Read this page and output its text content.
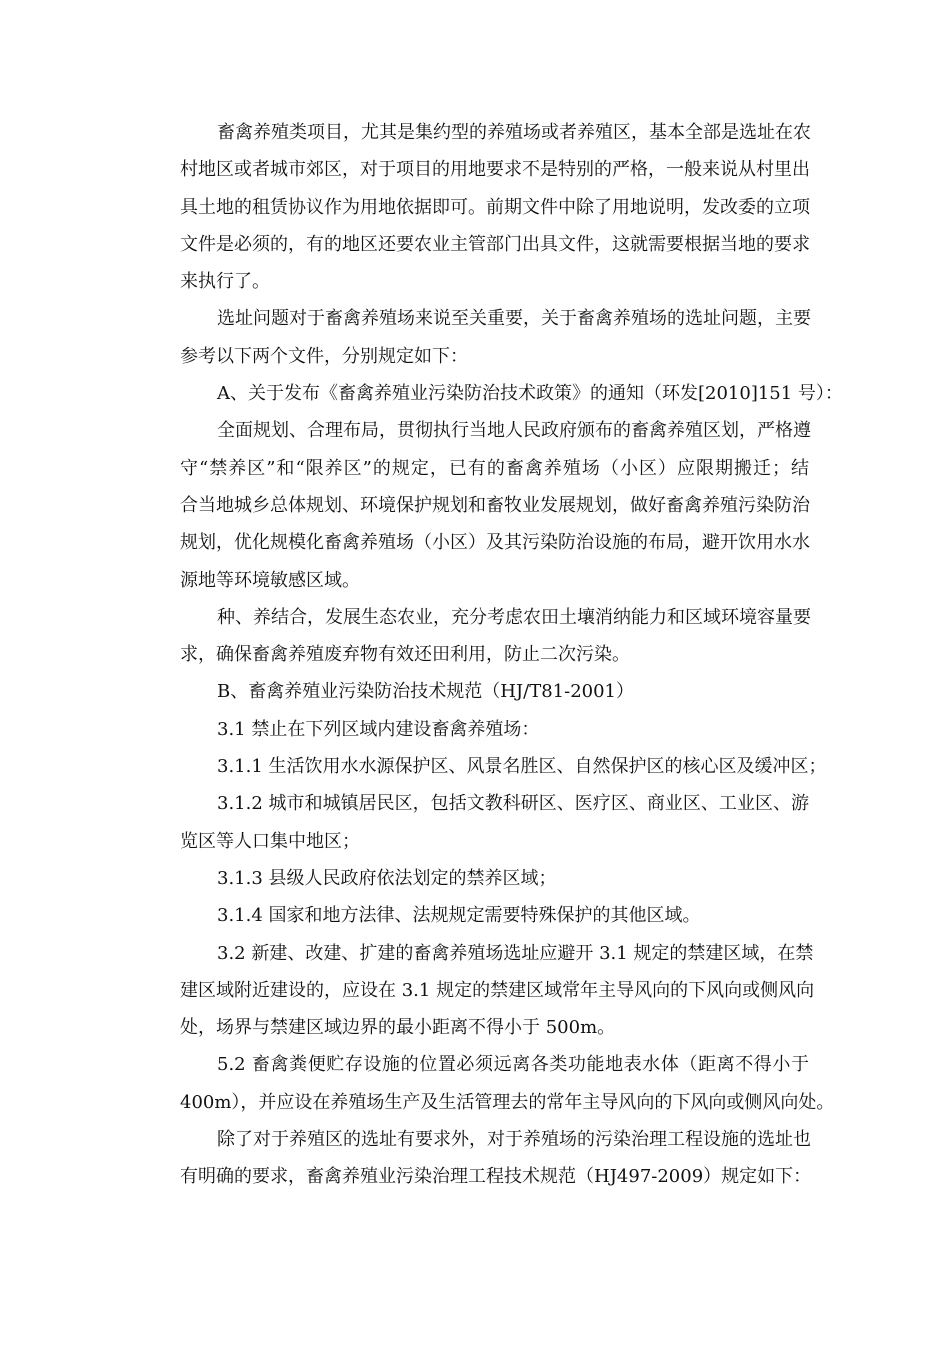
畜禽养殖类项目，尤其是集约型的养殖场或者养殖区，基本全部是选址在农
村地区或者城市郊区，对于项目的用地要求不是特别的严格，一般来说从村里出
具土地的租赁协议作为用地依据即可。前期文件中除了用地说明，发改委的立项
文件是必须的，有的地区还要农业主管部门出具文件，这就需要根据当地的要求
来执行了。
选址问题对于畜禽养殖场来说至关重要，关于畜禽养殖场的选址问题，主要
参考以下两个文件，分别规定如下：
A、关于发布《畜禽养殖业污染防治技术政策》的通知（环发[2010]151 号）：
全面规划、合理布局，贯彻执行当地人民政府颁布的畜禽养殖区划，严格遵
守“禁养区”和“限养区”的规定，已有的畜禽养殖场（小区）应限期搬迁；结
合当地城乡总体规划、环境保护规划和畜牧业发展规划，做好畜禽养殖污染防治
规划，优化规模化畜禽养殖场（小区）及其污染防治设施的布局，避开饮用水水
源地等环境敏感区域。
种、养结合，发展生态农业，充分考虑农田土壤消纳能力和区域环境容量要
求，确保畜禽养殖废弃物有效还田利用，防止二次污染。
B、畜禽养殖业污染防治技术规范（HJ/T81-2001）
3.1 禁止在下列区域内建设畜禽养殖场：
3.1.1 生活饮用水水源保护区、风景名胜区、自然保护区的核心区及缓冲区；
3.1.2 城市和城镇居民区，包括文教科研区、医疗区、商业区、工业区、游
览区等人口集中地区；
3.1.3 县级人民政府依法划定的禁养区域；
3.1.4 国家和地方法律、法规规定需要特殊保护的其他区域。
3.2 新建、改建、扩建的畜禽养殖场选址应避开 3.1 规定的禁建区域，在禁
建区域附近建设的，应设在 3.1 规定的禁建区域常年主导风向的下风向或侧风向
处，场界与禁建区域边界的最小距离不得小于 500m。
5.2 畜禽粪便贮存设施的位置必须远离各类功能地表水体（距离不得小于
400m），并应设在养殖场生产及生活管理去的常年主导风向的下风向或侧风向处。
除了对于养殖区的选址有要求外，对于养殖场的污染治理工程设施的选址也
有明确的要求，畜禽养殖业污染治理工程技术规范（HJ497-2009）规定如下：
